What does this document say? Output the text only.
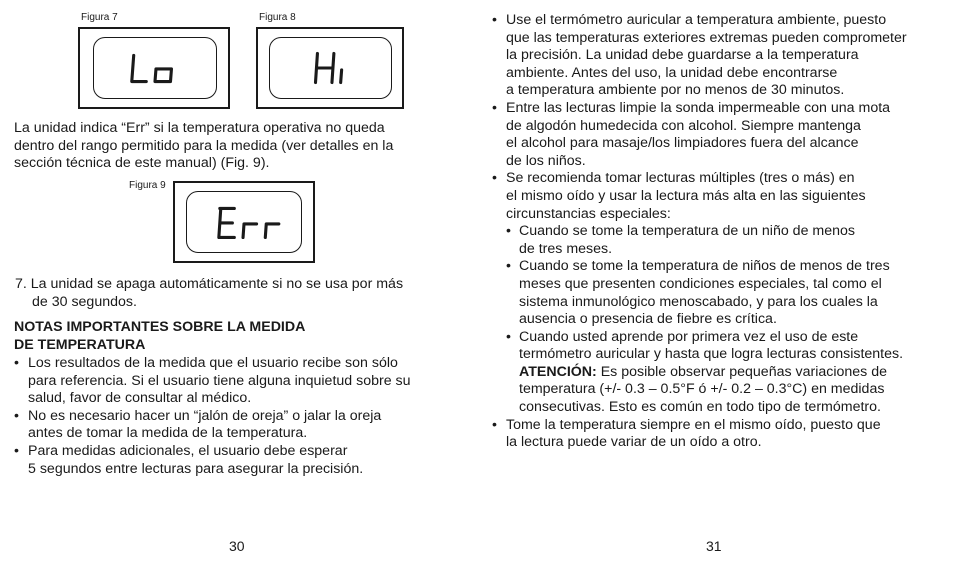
Figura 7	Figura 8
La unidad indica “Err” si la temperatura operativa no queda
dentro del rango permitido para la medida (ver detalles en la
sección técnica de este manual) (Fig. 9).
Figura 9
7. La unidad se apaga automáticamente si no se usa por más
de 30 segundos.
NOTAS IMPORTANTES SOBRE LA MEDIDA
DE TEMPERATURA
• Los resultados de la medida que el usuario recibe son sólo
para referencia. Si el usuario tiene alguna inquietud sobre su
salud, favor de consultar al médico.
• No es necesario hacer un “jalón de oreja” o jalar la oreja
antes de tomar la medida de la temperatura.
• Para medidas adicionales, el usuario debe esperar
5 segundos entre lecturas para asegurar la precisión.
30
• Use el termómetro auricular a temperatura ambiente, puesto
que las temperaturas exteriores extremas pueden comprometer
la precisión. La unidad debe guardarse a la temperatura
ambiente. Antes del uso, la unidad debe encontrarse
a temperatura ambiente por no menos de 30 minutos.
• Entre las lecturas limpie la sonda impermeable con una mota
de algodón humedecida con alcohol. Siempre mantenga
el alcohol para masaje/los limpiadores fuera del alcance
de los niños.
• Se recomienda tomar lecturas múltiples (tres o más) en
el mismo oído y usar la lectura más alta en las siguientes
circunstancias especiales:
• Cuando se tome la temperatura de un niño de menos
de tres meses.
• Cuando se tome la temperatura de niños de menos de tres
meses que presenten condiciones especiales, tal como el
sistema inmunológico menoscabado, y para los cuales la
ausencia o presencia de fiebre es crítica.
• Cuando usted aprende por primera vez el uso de este
termómetro auricular y hasta que logra lecturas consistentes.
ATENCIÓN: Es posible observar pequeñas variaciones de
temperatura (+/- 0.3 – 0.5°F ó +/- 0.2 – 0.3°C) en medidas
consecutivas. Esto es común en todo tipo de termómetro.
• Tome la temperatura siempre en el mismo oído, puesto que
la lectura puede variar de un oído a otro.
31
